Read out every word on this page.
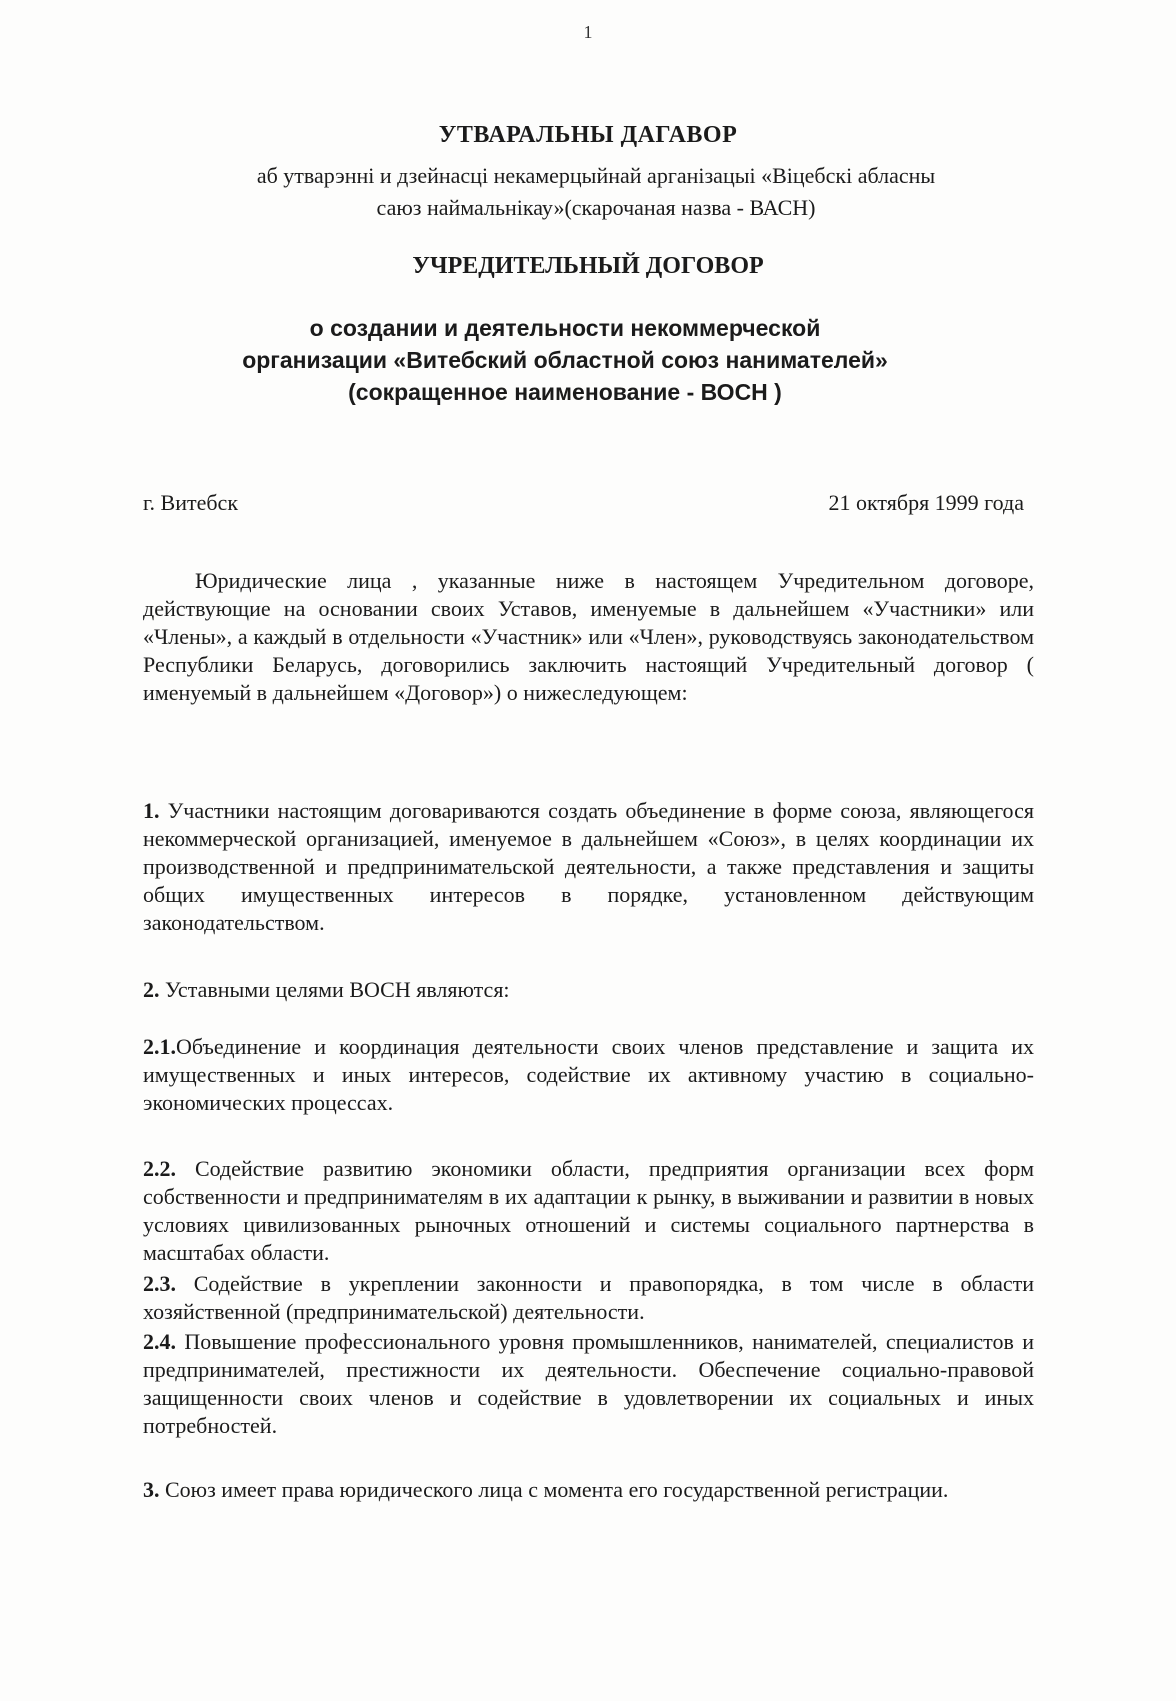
1
УТВАРАЛЬНЫ ДАГАВОР
аб утварэнні и дзейнасці некамерцыйнай арганізацыі «Віцебскі абласны саюз наймальнікау»(скарочаная назва - ВАСН)
УЧРЕДИТЕЛЬНЫЙ ДОГОВОР
о создании и деятельности некоммерческой
организации «Витебский областной союз нанимателей»
(сокращенное наименование - ВОСН )
г. Витебск	21 октября 1999 года
Юридические лица , указанные ниже в настоящем Учредительном договоре, действующие на основании своих Уставов, именуемые в дальнейшем «Участники» или «Члены», а каждый в отдельности «Участник» или «Член», руководствуясь законодательством Республики Беларусь, договорились заключить настоящий Учредительный договор ( именуемый в дальнейшем «Договор») о нижеследующем:
1. Участники настоящим договариваются создать объединение в форме союза, являющегося некоммерческой организацией, именуемое в дальнейшем «Союз», в целях координации их производственной и предпринимательской деятельности, а также представления и защиты общих имущественных интересов в порядке, установленном действующим законодательством.
2. Уставными целями ВОСН являются:
2.1.Объединение и координация деятельности своих членов представление и защита их имущественных и иных интересов, содействие их активному участию в социально-экономических процессах.
2.2. Содействие развитию экономики области, предприятия организации всех форм собственности и предпринимателям в их адаптации к рынку, в выживании и развитии в новых условиях цивилизованных рыночных отношений и системы социального партнерства в масштабах области.
2.3. Содействие в укреплении законности и правопорядка, в том числе в области хозяйственной (предпринимательской) деятельности.
2.4. Повышение профессионального уровня промышленников, нанимателей, специалистов и предпринимателей, престижности их деятельности. Обеспечение социально-правовой защищенности своих членов и содействие в удовлетворении их социальных и иных потребностей.
3. Союз имеет права юридического лица с момента его государственной регистрации.
